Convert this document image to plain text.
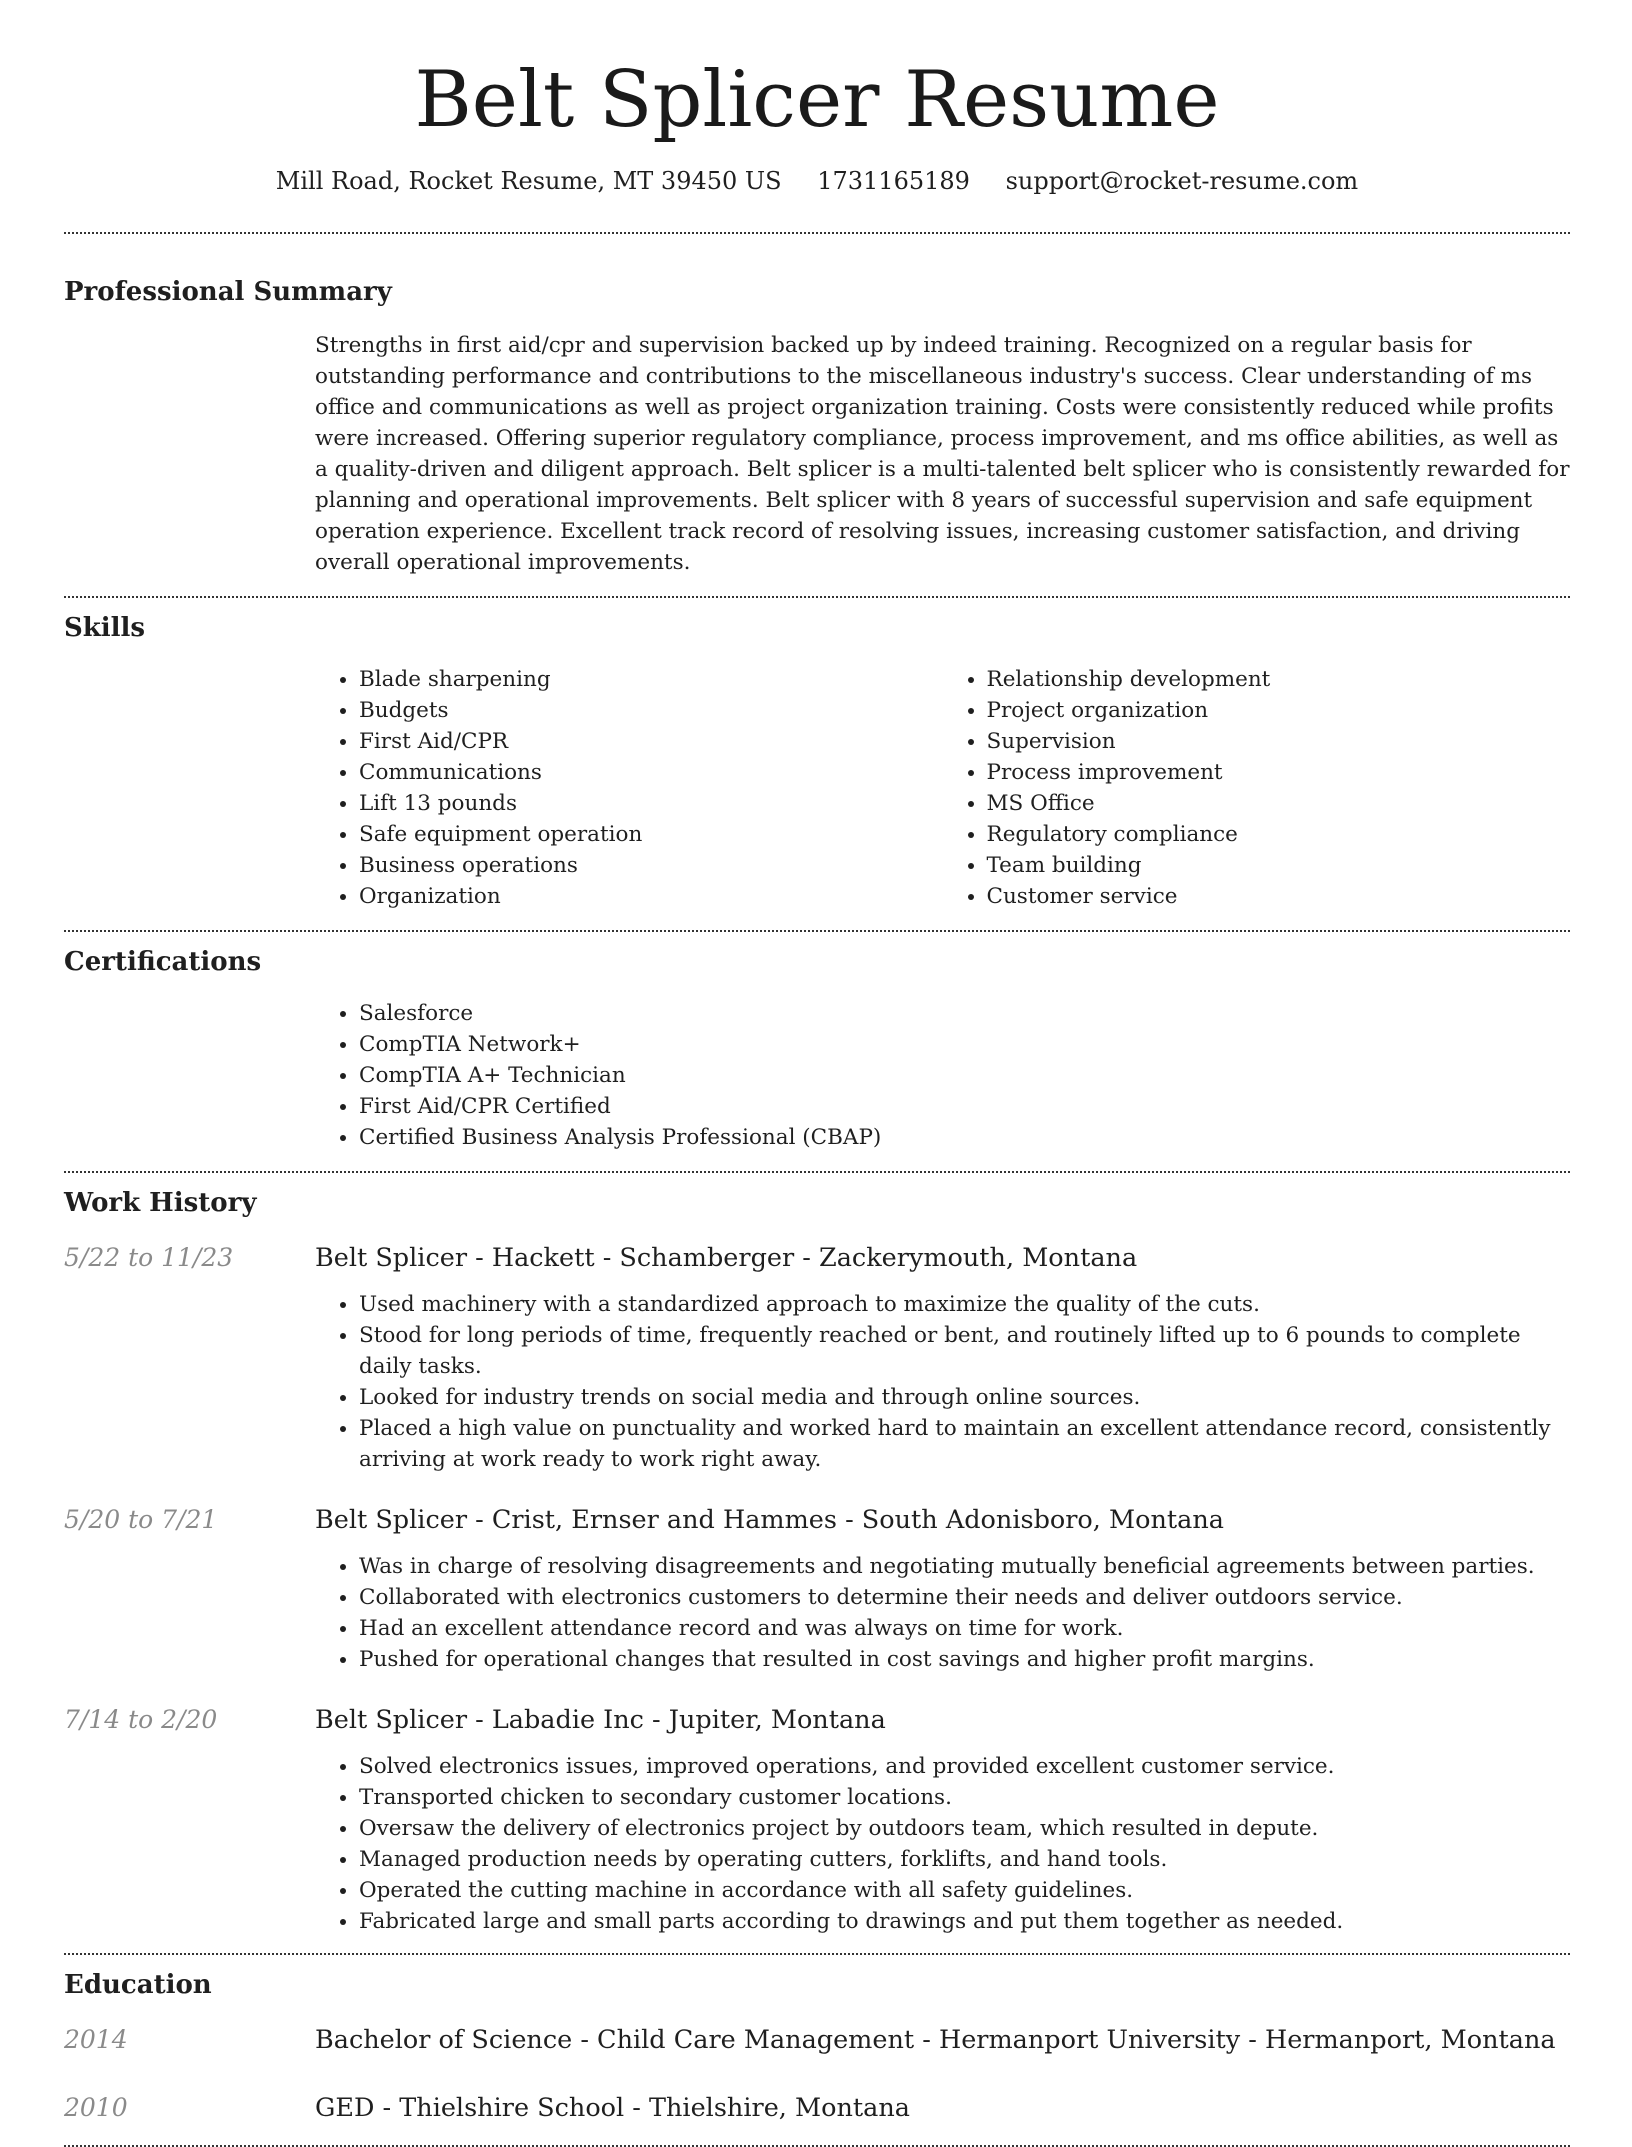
Belt Splicer Resume
Mill Road, Rocket Resume, MT 39450 US 1731165189 support@rocket-resume.com
Professional Summary
Strengths in first aid/cpr and supervision backed up by indeed training. Recognized on a regular basis for outstanding performance and contributions to the miscellaneous industry's success. Clear understanding of ms office and communications as well as project organization training. Costs were consistently reduced while profits were increased. Offering superior regulatory compliance, process improvement, and ms office abilities, as well as a quality-driven and diligent approach. Belt splicer is a multi-talented belt splicer who is consistently rewarded for planning and operational improvements. Belt splicer with 8 years of successful supervision and safe equipment operation experience. Excellent track record of resolving issues, increasing customer satisfaction, and driving overall operational improvements.
Skills
• Blade sharpening
• Budgets
• First Aid/CPR
• Communications
• Lift 13 pounds
• Safe equipment operation
• Business operations
• Organization
• Relationship development
• Project organization
• Supervision
• Process improvement
• MS Office
• Regulatory compliance
• Team building
• Customer service
Certifications
• Salesforce
• CompTIA Network+
• CompTIA A+ Technician
• First Aid/CPR Certified
• Certified Business Analysis Professional (CBAP)
Work History
5/22 to 11/23	Belt Splicer - Hackett - Schamberger - Zackerymouth, Montana
• Used machinery with a standardized approach to maximize the quality of the cuts.
• Stood for long periods of time, frequently reached or bent, and routinely lifted up to 6 pounds to complete daily tasks.
• Looked for industry trends on social media and through online sources.
• Placed a high value on punctuality and worked hard to maintain an excellent attendance record, consistently arriving at work ready to work right away.
5/20 to 7/21	Belt Splicer - Crist, Ernser and Hammes - South Adonisboro, Montana
• Was in charge of resolving disagreements and negotiating mutually beneficial agreements between parties.
• Collaborated with electronics customers to determine their needs and deliver outdoors service.
• Had an excellent attendance record and was always on time for work.
• Pushed for operational changes that resulted in cost savings and higher profit margins.
7/14 to 2/20	Belt Splicer - Labadie Inc - Jupiter, Montana
• Solved electronics issues, improved operations, and provided excellent customer service.
• Transported chicken to secondary customer locations.
• Oversaw the delivery of electronics project by outdoors team, which resulted in depute.
• Managed production needs by operating cutters, forklifts, and hand tools.
• Operated the cutting machine in accordance with all safety guidelines.
• Fabricated large and small parts according to drawings and put them together as needed.
Education
2014	Bachelor of Science - Child Care Management - Hermanport University - Hermanport, Montana
2010	GED - Thielshire School - Thielshire, Montana
